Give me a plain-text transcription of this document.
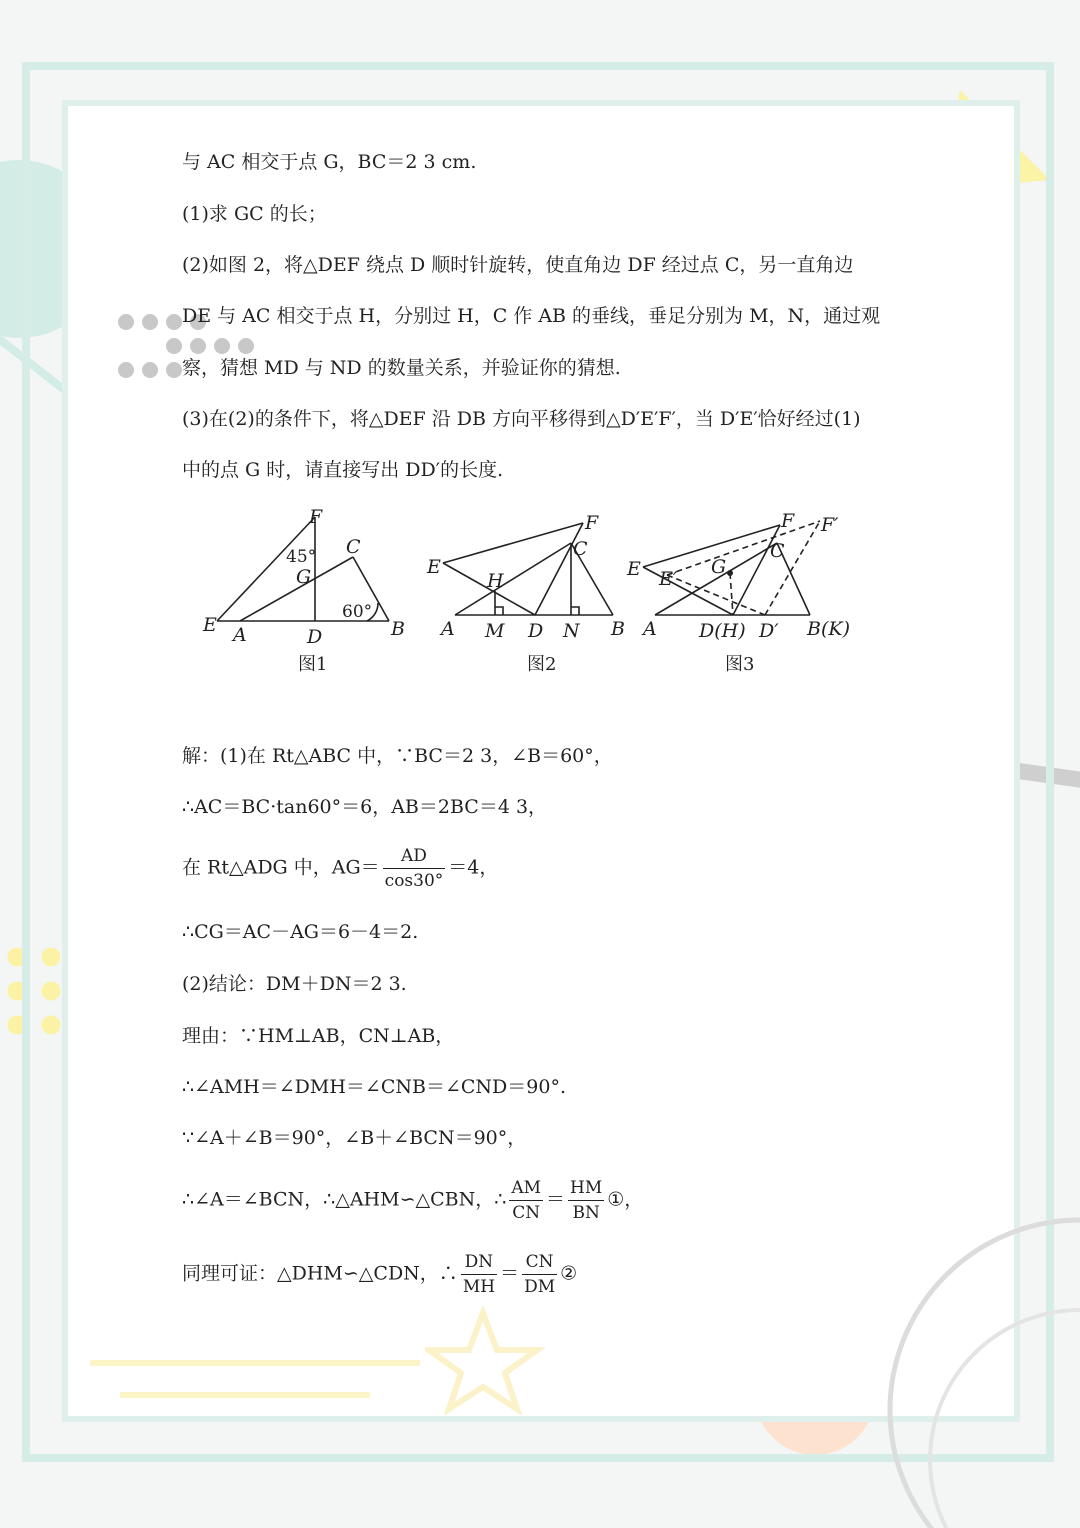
与 AC 相交于点 G，BC＝2 3 cm.
(1)求 GC 的长；
(2)如图 2，将△DEF 绕点 D 顺时针旋转，使直角边 DF 经过点 C，另一直角边
DE 与 AC 相交于点 H，分别过 H，C 作 AB 的垂线，垂足分别为 M，N，通过观
察，猜想 MD 与 ND 的数量关系，并验证你的猜想.
(3)在(2)的条件下，将△DEF 沿 DB 方向平移得到△D′E′F′，当 D′E′恰好经过(1)
中的点 G 时，请直接写出 DD′的长度.
F
45° C
G
60°
E A	D	B
图1
F
C
E
H
A M D N B
图2
F F′
C
E E′
G
A D(H) D′ B(K)
图3
解：(1)在 Rt△ABC 中，∵BC＝2 3，∠B＝60°，
∴AC＝BC·tan60°＝6，AB＝2BC＝4 3，
在 Rt△ADG 中，$AG= \frac{AD}{\cos 30^\circ} =4$，
∴CG＝AC－AG＝6－4＝2.
(2)结论：DM＋DN＝2 3.
理由：∵HM⊥AB，CN⊥AB，
∴∠AMH＝∠DMH＝∠CNB＝∠CND＝90°.
∵∠A＋∠B＝90°，∠B＋∠BCN＝90°，
∴∠A＝∠BCN，∴△AHM∽△CBN，∴ $\frac{AM}{CN} = \frac{HM}{BN}$ ①，
同理可证：△DHM∽△CDN，∴ $\frac{DN}{MH} = \frac{CN}{DM}$ ②
